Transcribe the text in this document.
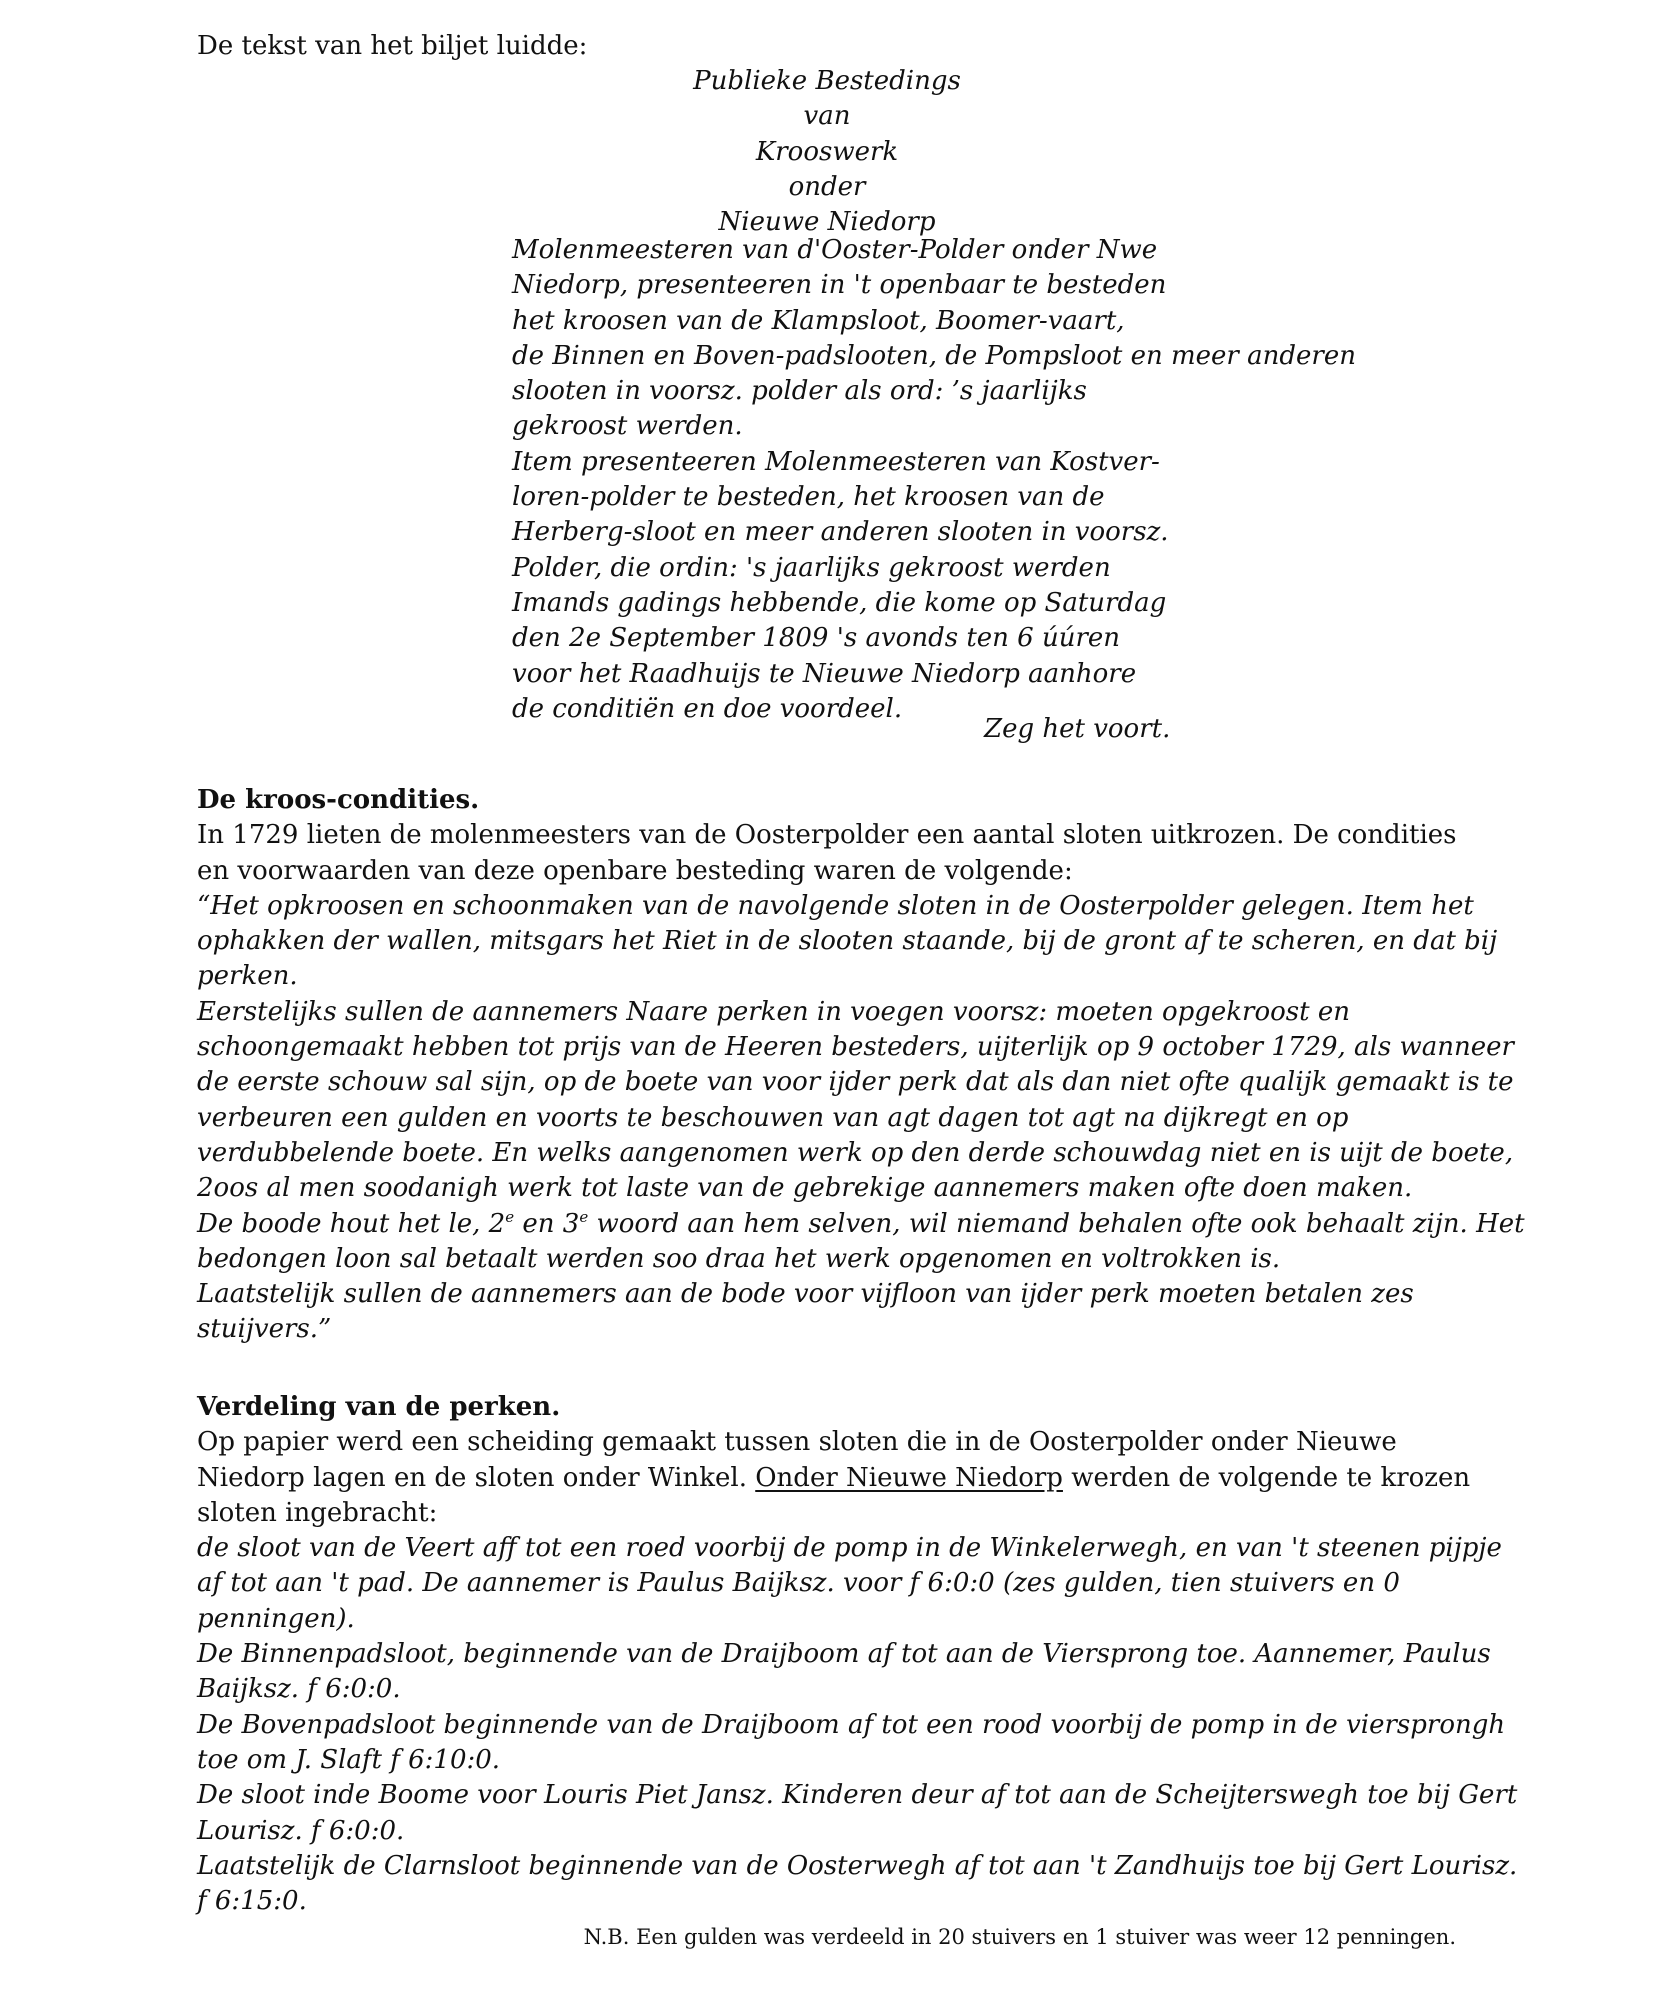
De tekst van het biljet luidde:
Publieke Bestedings
van
Krooswerk
onder
Nieuwe Niedorp
Molenmeesteren van d'Ooster-Polder onder Nwe
Niedorp, presenteeren in 't openbaar te besteden
het kroosen van de Klampsloot, Boomer-vaart,
de Binnen en Boven-padslooten, de Pompsloot en meer anderen
slooten in voorsz. polder als ord: ’s jaarlijks
gekroost werden.
Item presenteeren Molenmeesteren van Kostver-
loren-polder te besteden, het kroosen van de
Herberg-sloot en meer anderen slooten in voorsz.
Polder, die ordin: 's jaarlijks gekroost werden
Imands gadings hebbende, die kome op Saturdag
den 2e September 1809 's avonds ten 6 úúren
voor het Raadhuijs te Nieuwe Niedorp aanhore
de conditiën en doe voordeel.
Zeg het voort.
De kroos-condities.
In 1729 lieten de molenmeesters van de Oosterpolder een aantal sloten uitkrozen. De condities
en voorwaarden van deze openbare besteding waren de volgende:
“Het opkroosen en schoonmaken van de navolgende sloten in de Oosterpolder gelegen. Item het
ophakken der wallen, mitsgars het Riet in de slooten staande, bij de gront af te scheren, en dat bij
perken.
Eerstelijks sullen de aannemers Naare perken in voegen voorsz: moeten opgekroost en
schoongemaakt hebben tot prijs van de Heeren besteders, uijterlijk op 9 october 1729, als wanneer
de eerste schouw sal sijn, op de boete van voor ijder perk dat als dan niet ofte qualijk gemaakt is te
verbeuren een gulden en voorts te beschouwen van agt dagen tot agt na dijkregt en op
verdubbelende boete. En welks aangenomen werk op den derde schouwdag niet en is uijt de boete,
2oos al men soodanigh werk tot laste van de gebrekige aannemers maken ofte doen maken.
De boode hout het le, 2e en 3e woord aan hem selven, wil niemand behalen ofte ook behaalt zijn. Het
bedongen loon sal betaalt werden soo draa het werk opgenomen en voltrokken is.
Laatstelijk sullen de aannemers aan de bode voor vijfloon van ijder perk moeten betalen zes
stuijvers.”
Verdeling van de perken.
Op papier werd een scheiding gemaakt tussen sloten die in de Oosterpolder onder Nieuwe
Niedorp lagen en de sloten onder Winkel. Onder Nieuwe Niedorp werden de volgende te krozen
sloten ingebracht:
de sloot van de Veert aff tot een roed voorbij de pomp in de Winkelerwegh, en van 't steenen pijpje
af tot aan 't pad. De aannemer is Paulus Baijksz. voor f 6:0:0 (zes gulden, tien stuivers en 0
penningen).
De Binnenpadsloot, beginnende van de Draijboom af tot aan de Viersprong toe. Aannemer, Paulus
Baijksz. f 6:0:0.
De Bovenpadsloot beginnende van de Draijboom af tot een rood voorbij de pomp in de viersprongh
toe om J. Slaft f 6:10:0.
De sloot inde Boome voor Louris Piet Jansz. Kinderen deur af tot aan de Scheijterswegh toe bij Gert
Lourisz. f 6:0:0.
Laatstelijk de Clarnsloot beginnende van de Oosterwegh af tot aan 't Zandhuijs toe bij Gert Lourisz.
f 6:15:0.
N.B. Een gulden was verdeeld in 20 stuivers en 1 stuiver was weer 12 penningen.
